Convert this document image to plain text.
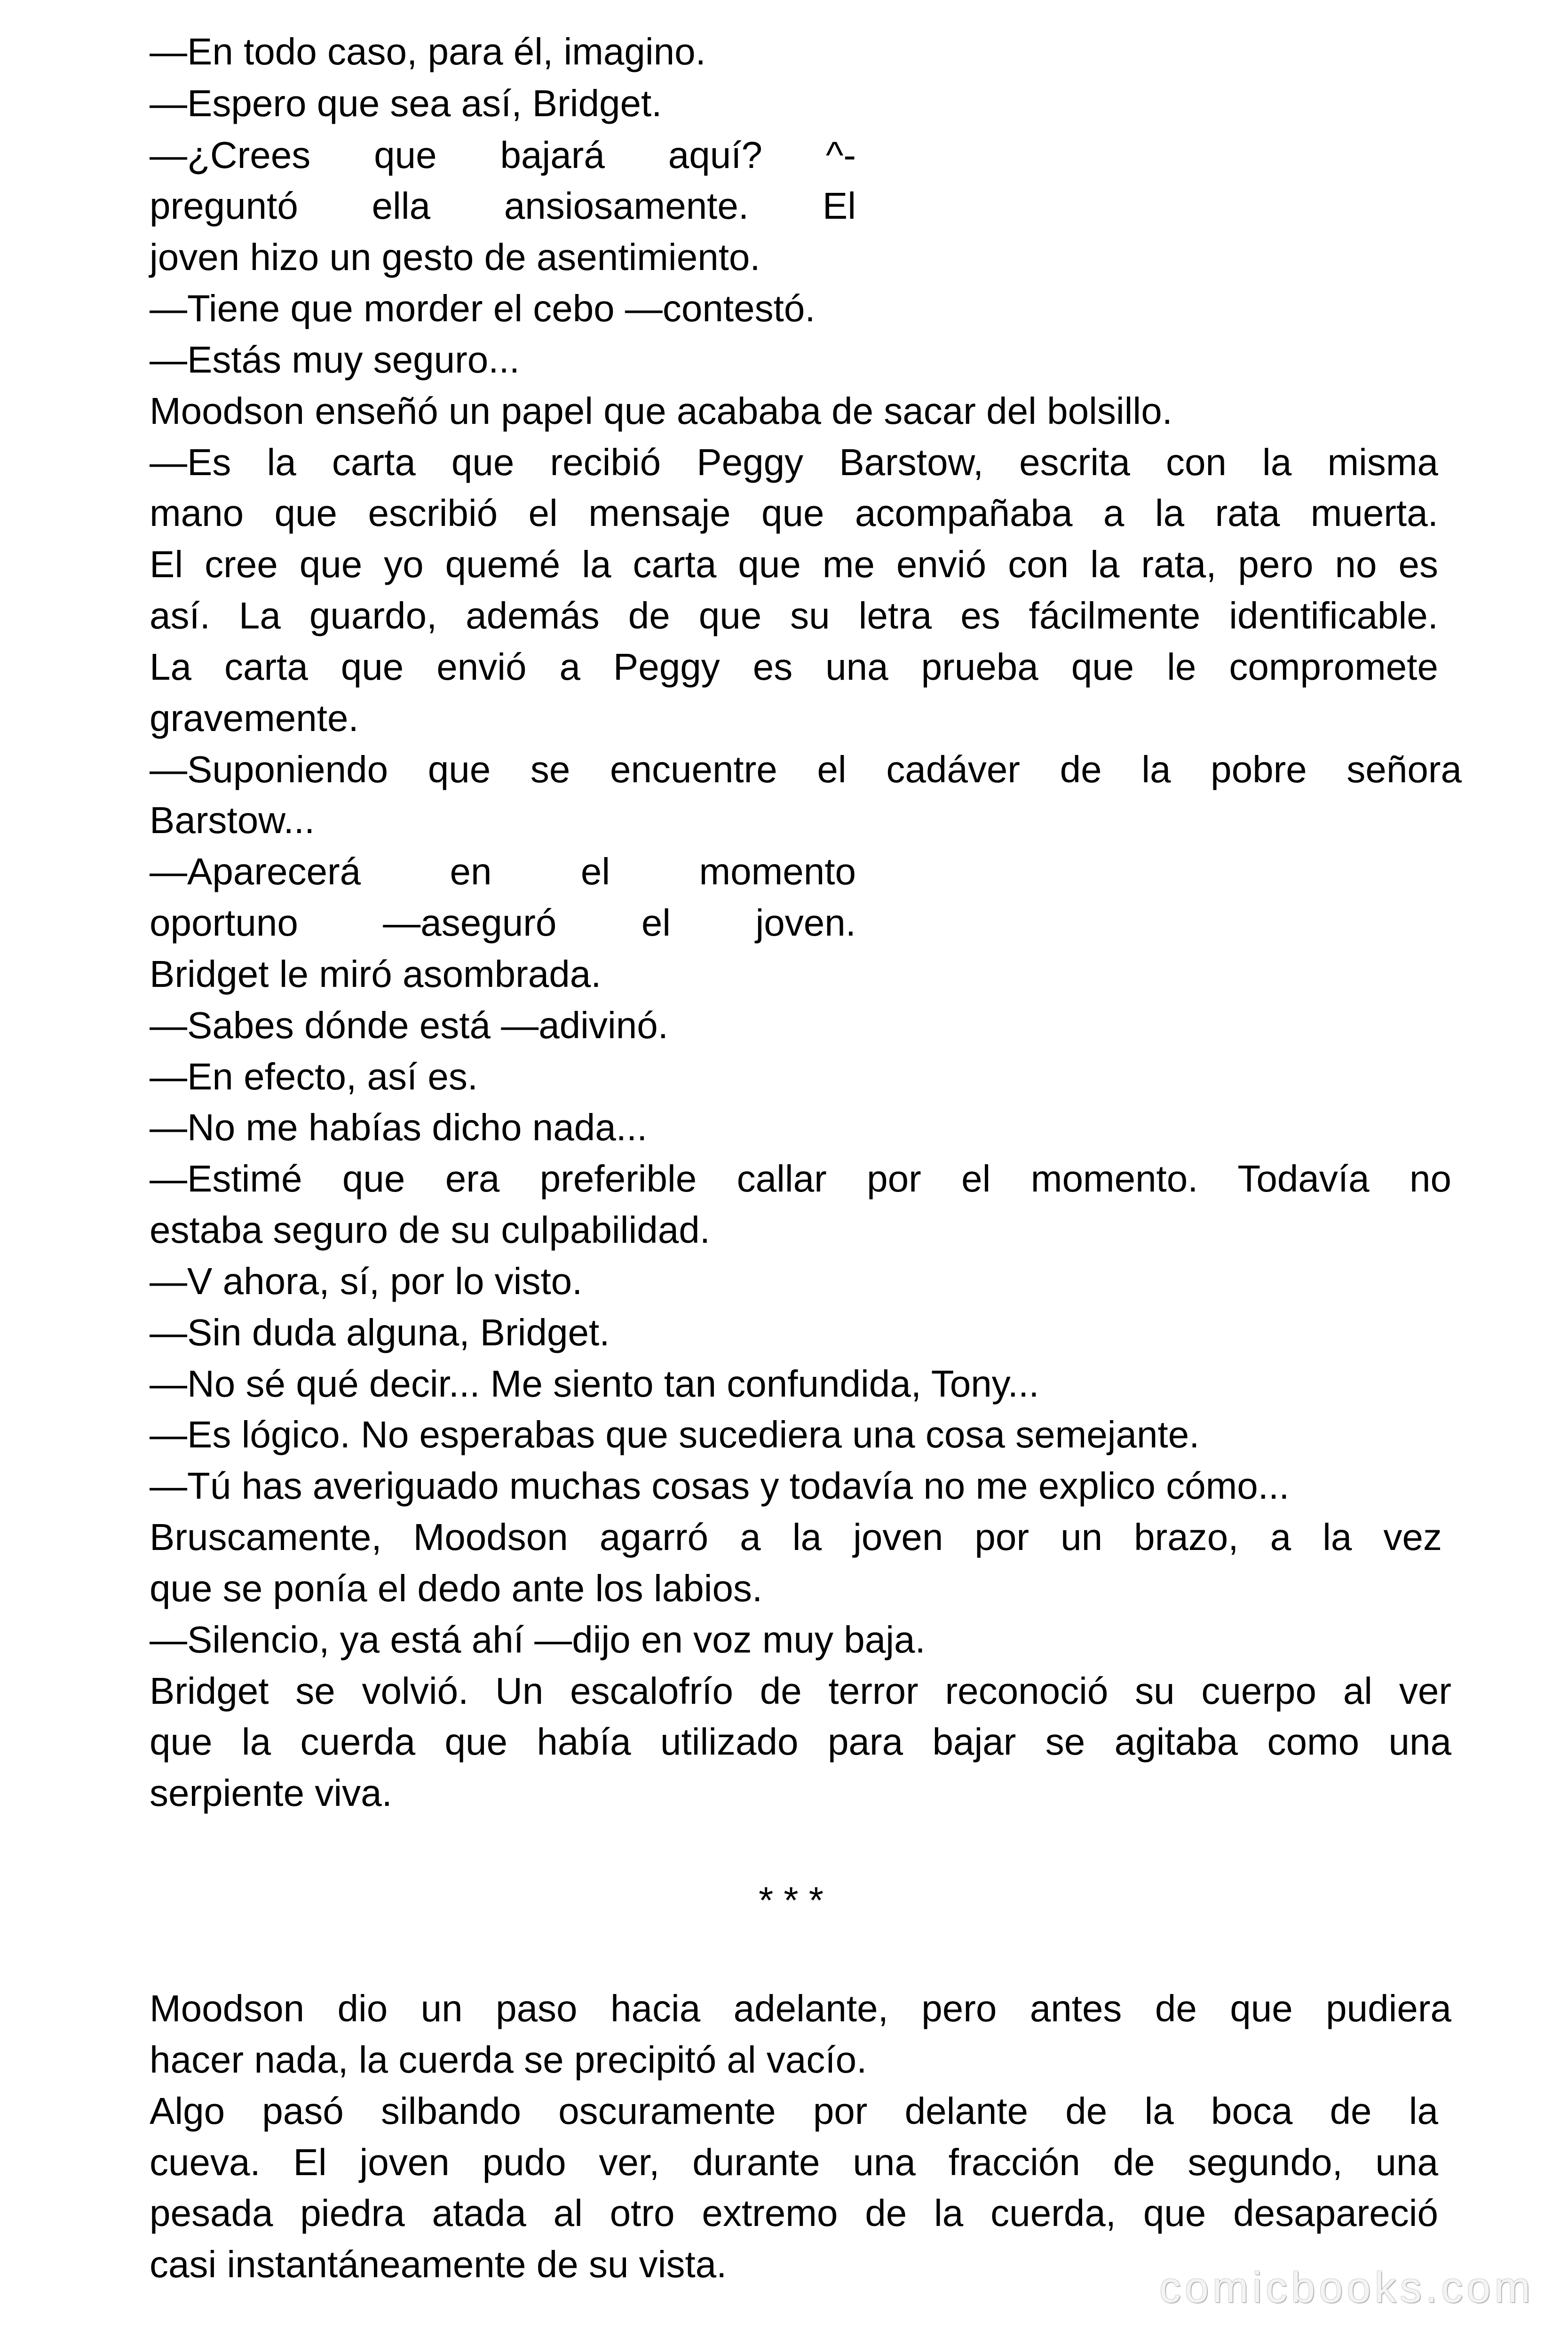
—En todo caso, para él, imagino.
—Espero que sea así, Bridget.
—¿Crees que bajará aquí? ^-
preguntó ella ansiosamente. El
joven hizo un gesto de asentimiento.
—Tiene que morder el cebo —contestó.
—Estás muy seguro...
Moodson enseñó un papel que acababa de sacar del bolsillo.
—Es la carta que recibió Peggy Barstow, escrita con la misma
mano que escribió el mensaje que acompañaba a la rata muerta.
El cree que yo quemé la carta que me envió con la rata, pero no es
así. La guardo, además de que su letra es fácilmente identificable.
La carta que envió a Peggy es una prueba que le compromete
gravemente.
—Suponiendo que se encuentre el cadáver de la pobre señora
Barstow...
—Aparecerá en el momento
oportuno —aseguró el joven.
Bridget le miró asombrada.
—Sabes dónde está —adivinó.
—En efecto, así es.
—No me habías dicho nada...
—Estimé que era preferible callar por el momento. Todavía no
estaba seguro de su culpabilidad.
—V ahora, sí, por lo visto.
—Sin duda alguna, Bridget.
—No sé qué decir... Me siento tan confundida, Tony...
—Es lógico. No esperabas que sucediera una cosa semejante.
—Tú has averiguado muchas cosas y todavía no me explico cómo...
Bruscamente, Moodson agarró a la joven por un brazo, a la vez
que se ponía el dedo ante los labios.
—Silencio, ya está ahí —dijo en voz muy baja.
Bridget se volvió. Un escalofrío de terror reconoció su cuerpo al ver
que la cuerda que había utilizado para bajar se agitaba como una
serpiente viva.
* * *
Moodson dio un paso hacia adelante, pero antes de que pudiera
hacer nada, la cuerda se precipitó al vacío.
Algo pasó silbando oscuramente por delante de la boca de la
cueva. El joven pudo ver, durante una fracción de segundo, una
pesada piedra atada al otro extremo de la cuerda, que desapareció
casi instantáneamente de su vista.	comicbooks.com
